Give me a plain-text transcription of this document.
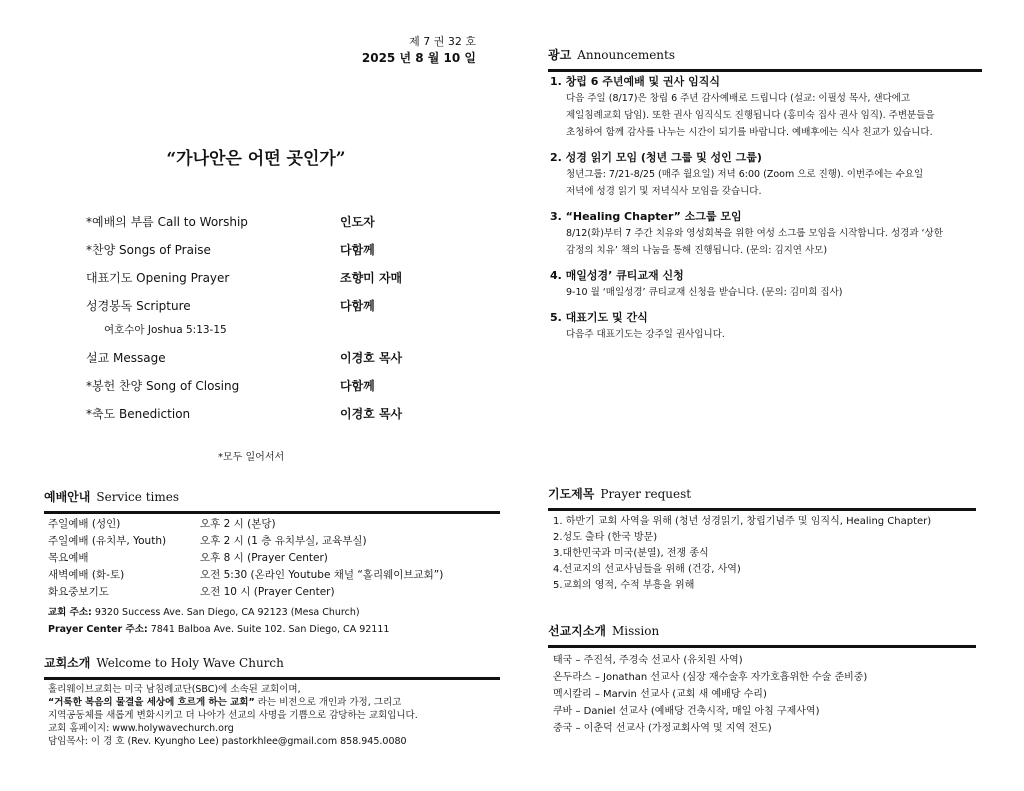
제 7 권 32 호
2025 년 8 월 10 일
“가나안은 어떤 곳인가”
*예배의 부름 Call to Worship	인도자
*찬양 Songs of Praise	다함께
대표기도 Opening Prayer	조향미 자매
성경봉독 Scripture	다함께
여호수아 Joshua 5:13-15
설교 Message	이경호 목사
*봉헌 찬양 Song of Closing	다함께
*축도 Benediction	이경호 목사
*모두 일어서서
예배안내 Service times
주일예배 (성인)	오후 2 시 (본당)
주일예배 (유치부, Youth)	오후 2 시 (1 층 유치부실, 교육부실)
목요예배	오후 8 시 (Prayer Center)
새벽예배 (화-토)	오전 5:30 (온라인 Youtube 채널 “홀리웨이브교회”)
화요중보기도	오전 10 시 (Prayer Center)
교회 주소: 9320 Success Ave. San Diego, CA 92123 (Mesa Church)
Prayer Center 주소: 7841 Balboa Ave. Suite 102. San Diego, CA 92111
교회소개 Welcome to Holy Wave Church
홀리웨이브교회는 미국 남침례교단(SBC)에 소속된 교회이며,
“거룩한 복음의 물결을 세상에 흐르게 하는 교회” 라는 비전으로 개인과 가정, 그리고
지역공동체를 새롭게 변화시키고 더 나아가 선교의 사명을 기쁨으로 감당하는 교회입니다.
교회 홈페이지: www.holywavechurch.org
담임목사: 이 경 호 (Rev. Kyungho Lee) pastorkhlee@gmail.com 858.945.0080
광고 Announcements
1. 창립 6 주년예배 및 권사 임직식
다음 주일 (8/17)은 창립 6 주년 감사예배로 드립니다 (설교: 이필성 목사, 샌다에고
제일침례교회 담임). 또한 권사 임직식도 진행됩니다 (홍미숙 집사 권사 임직). 주변분들을
초청하여 함께 감사를 나누는 시간이 되기를 바랍니다. 예배후에는 식사 친교가 있습니다.
2. 성경 읽기 모임 (청년 그룹 및 성인 그룹)
청년그룹: 7/21-8/25 (매주 월요일) 저녁 6:00 (Zoom 으로 진행). 이번주에는 수요일
저녁에 성경 읽기 및 저녁식사 모임을 갖습니다.
3. “Healing Chapter” 소그룹 모임
8/12(화)부터 7 주간 치유와 영성회복을 위한 여성 소그룹 모임을 시작합니다. 성경과 ‘상한
감정의 치유’ 책의 나눔을 통해 진행됩니다. (문의: 김지연 사모)
4. 매일성경’ 큐티교재 신청
9-10 월 ‘매일성경’ 큐티교재 신청을 받습니다. (문의: 김미희 집사)
5. 대표기도 및 간식
다음주 대표기도는 강주일 권사입니다.
기도제목 Prayer request
1. 하반기 교회 사역을 위해 (청년 성경읽기, 창립기념주 및 임직식, Healing Chapter)
2.성도 출타 (한국 방문)
3.대한민국과 미국(분열), 전쟁 종식
4.선교지의 선교사님들을 위해 (건강, 사역)
5.교회의 영적, 수적 부흥을 위해
선교지소개 Mission
태국 – 주진석, 주경숙 선교사 (유치원 사역)
온두라스 – Jonathan 선교사 (심장 재수술후 자가호흡위한 수술 준비중)
멕시칼리 – Marvin 선교사 (교회 새 예배당 수리)
쿠바 – Daniel 선교사 (예배당 건축시작, 매일 아침 구제사역)
중국 – 이춘덕 선교사 (가정교회사역 및 지역 전도)
